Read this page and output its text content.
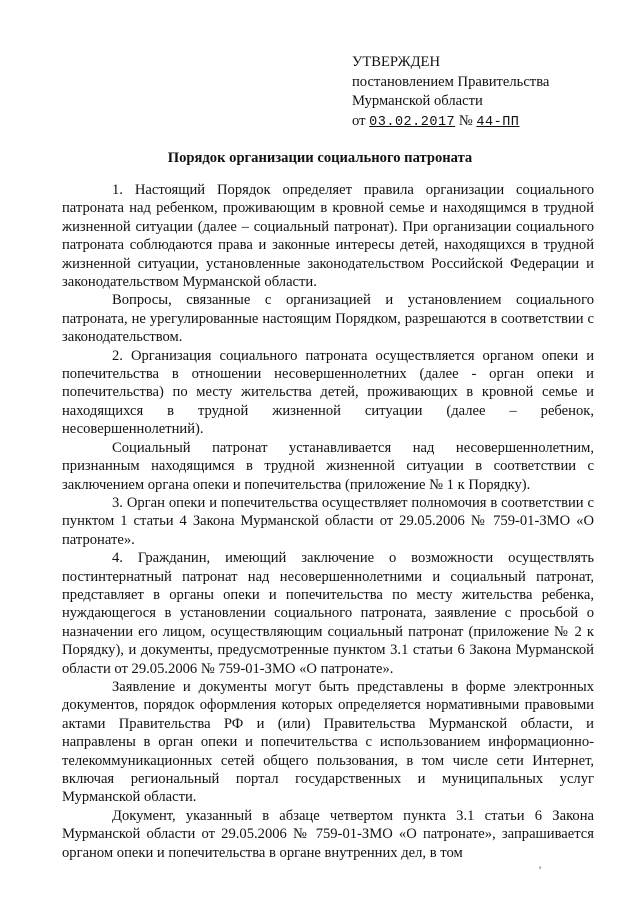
УТВЕРЖДЕН
постановлением Правительства
Мурманской области
от 03.02.2017 № 44-ПП
Порядок организации социального патроната

1. Настоящий Порядок определяет правила организации социального патроната над ребенком, проживающим в кровной семье и находящимся в трудной жизненной ситуации (далее – социальный патронат). При организации социального патроната соблюдаются права и законные интересы детей, находящихся в трудной жизненной ситуации, установленные законодательством Российской Федерации и законодательством Мурманской области.

Вопросы, связанные с организацией и установлением социального патроната, не урегулированные настоящим Порядком, разрешаются в соответствии с законодательством.

2. Организация социального патроната осуществляется органом опеки и попечительства в отношении несовершеннолетних (далее - орган опеки и попечительства) по месту жительства детей, проживающих в кровной семье и находящихся в трудной жизненной ситуации (далее – ребенок, несовершеннолетний).

Социальный патронат устанавливается над несовершеннолетним, признанным находящимся в трудной жизненной ситуации в соответствии с заключением органа опеки и попечительства (приложение № 1 к Порядку).

3. Орган опеки и попечительства осуществляет полномочия в соответствии с пунктом 1 статьи 4 Закона Мурманской области от 29.05.2006 № 759-01-ЗМО «О патронате».

4. Гражданин, имеющий заключение о возможности осуществлять постинтернатный патронат над несовершеннолетними и социальный патронат, представляет в органы опеки и попечительства по месту жительства ребенка, нуждающегося в установлении социального патроната, заявление с просьбой о назначении его лицом, осуществляющим социальный патронат (приложение № 2 к Порядку), и документы, предусмотренные пунктом 3.1 статьи 6 Закона Мурманской области от 29.05.2006 № 759-01-ЗМО «О патронате».

Заявление и документы могут быть представлены в форме электронных документов, порядок оформления которых определяется нормативными правовыми актами Правительства РФ и (или) Правительства Мурманской области, и направлены в орган опеки и попечительства с использованием информационно-телекоммуникационных сетей общего пользования, в том числе сети Интернет, включая региональный портал государственных и муниципальных услуг Мурманской области.

Документ, указанный в абзаце четвертом пункта 3.1 статьи 6 Закона Мурманской области от 29.05.2006 № 759-01-ЗМО «О патронате», запрашивается органом опеки и попечительства в органе внутренних дел, в том

'
